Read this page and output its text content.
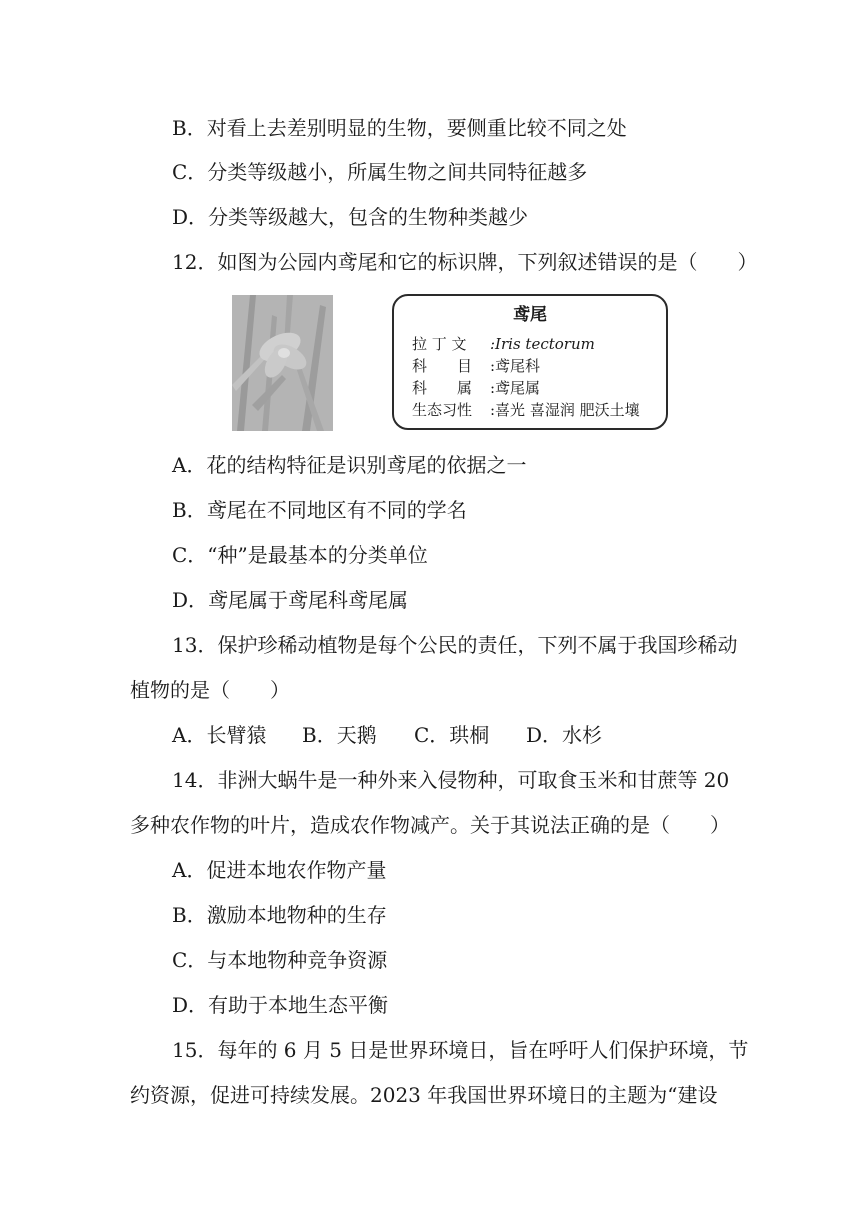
B．对看上去差别明显的生物，要侧重比较不同之处
C．分类等级越小，所属生物之间共同特征越多
D．分类等级越大，包含的生物种类越少
12．如图为公园内鸢尾和它的标识牌，下列叙述错误的是（　　）
鸢尾
拉 丁 文 :Iris tectorum
科　　目 :鸢尾科
科　　属 :鸢尾属
生态习性 :喜光 喜湿润 肥沃土壤
A．花的结构特征是识别鸢尾的依据之一
B．鸢尾在不同地区有不同的学名
C．“种”是最基本的分类单位
D．鸢尾属于鸢尾科鸢尾属
13．保护珍稀动植物是每个公民的责任，下列不属于我国珍稀动
植物的是（　　）
A．长臂猿 B．天鹅 C．珙桐 D．水杉
14．非洲大蜗牛是一种外来入侵物种，可取食玉米和甘蔗等 20
多种农作物的叶片，造成农作物减产。关于其说法正确的是（　　）
A．促进本地农作物产量
B．激励本地物种的生存
C．与本地物种竞争资源
D．有助于本地生态平衡
15．每年的 6 月 5 日是世界环境日，旨在呼吁人们保护环境，节
约资源，促进可持续发展。2023 年我国世界环境日的主题为“建设
